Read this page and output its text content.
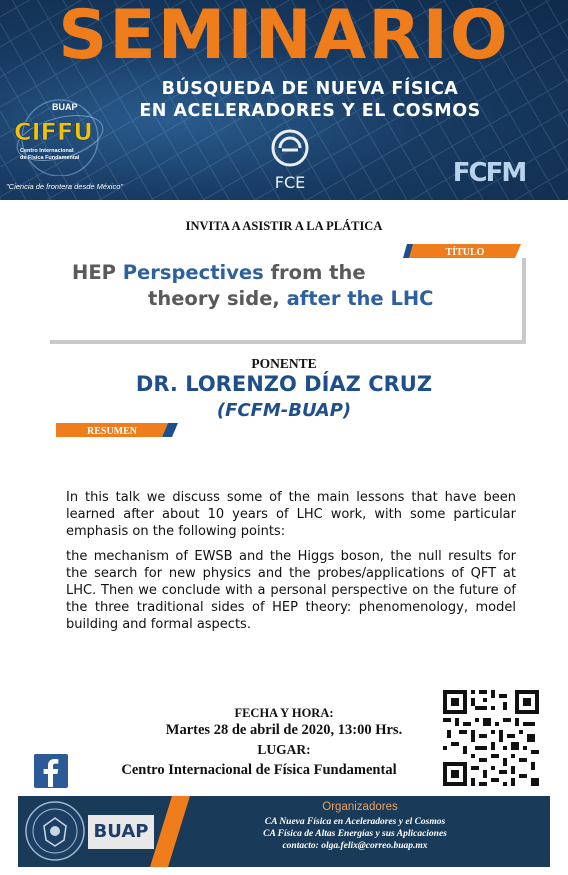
SEMINARIO
BÚSQUEDA DE NUEVA FÍSICA
EN ACELERADORES Y EL COSMOS
BUAP
CIFFU
Centro Internacional
de Física Fundamental
"Ciencia de frontera desde México"	FCE	FCFM
INVITA A ASISTIR A LA PLÁTICA
TÍTULO
HEP Perspectives from the
theory side, after the LHC
PONENTE
DR. LORENZO DÍAZ CRUZ
(FCFM-BUAP)
RESUMEN
In this talk we discuss some of the main lessons that have been learned after about 10 years of LHC work, with some particular emphasis on the following points:
the mechanism of EWSB and the Higgs boson, the null results for the search for new physics and the probes/applications of QFT at LHC. Then we conclude with a personal perspective on the future of the three traditional sides of HEP theory: phenomenology, model building and formal aspects.
FECHA Y HORA:
Martes 28 de abril de 2020, 13:00 Hrs.
LUGAR:
Centro Internacional de Física Fundamental
BUAP
Organizadores
CA Nueva Física en Aceleradores y el Cosmos
CA Física de Altas Energías y sus Aplicaciones
contacto: olga.felix@correo.buap.mx
